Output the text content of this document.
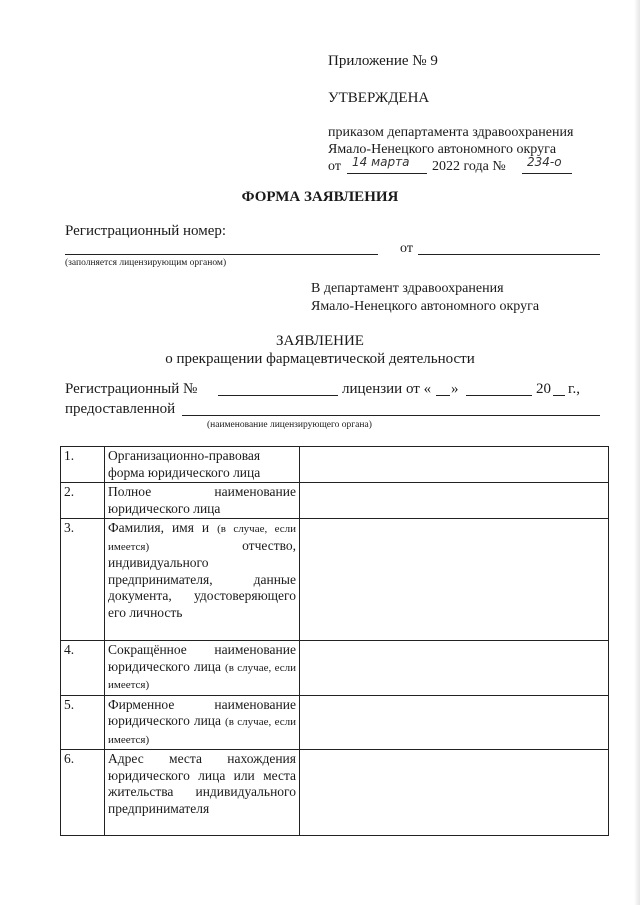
Приложение № 9
УТВЕРЖДЕНА
приказом департамента здравоохранения
Ямало-Ненецкого автономного округа
от 14 марта 2022 года № 234-о
ФОРМА ЗАЯВЛЕНИЯ
Регистрационный номер:
от
(заполняется лицензирующим органом)
В департамент здравоохранения
Ямало-Ненецкого автономного округа
ЗАЯВЛЕНИЕ
о прекращении фармацевтической деятельности
Регистрационный №	лицензии от « »	20 г.,
предоставленной
(наименование лицензирующего органа)
1.	Организационно-правовая форма юридического лица	
2.	Полное наименование юридического лица	
3.	Фамилия, имя и (в случае, если имеется) отчество, индивидуального предпринимателя, данные документа, удостоверяющего его личность	
4.	Сокращённое наименование юридического лица (в случае, если имеется)	
5.	Фирменное наименование юридического лица (в случае, если имеется)	
6.	Адрес места нахождения юридического лица или места жительства индивидуального предпринимателя	
